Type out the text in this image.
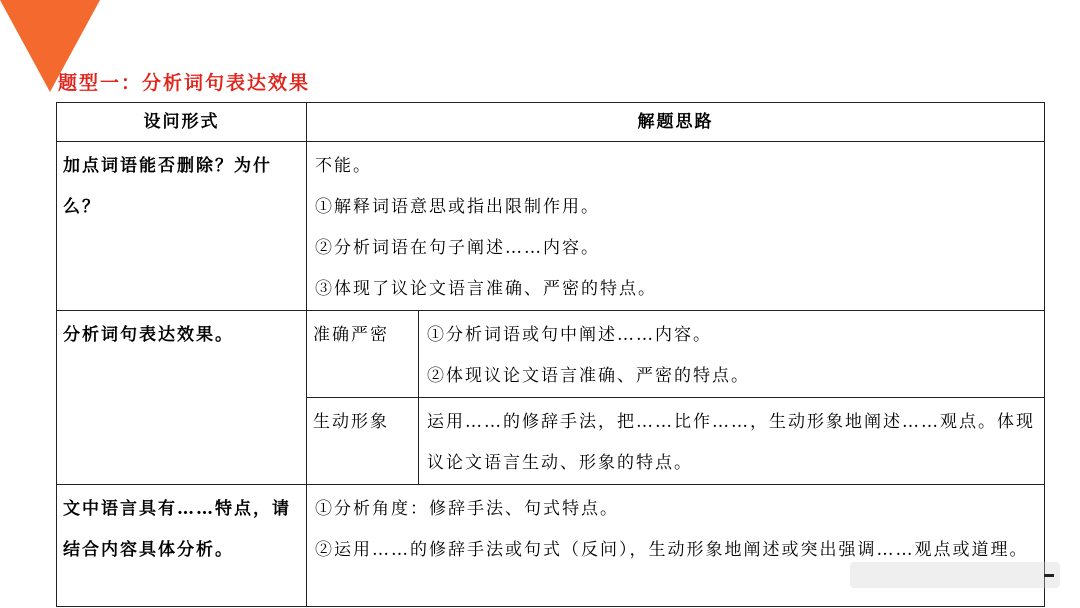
题型一：分析词句表达效果
设问形式	解题思路	
加点词语能否删除？为什么？	不能。
①解释词语意思或指出限制作用。
②分析词语在句子阐述……内容。
③体现了议论文语言准确、严密的特点。	

分析词句表达效果。	准确严密	①分析词语或句中阐述……内容。
②体现议论文语言准确、严密的特点。

	生动形象	运用……的修辞手法，把……比作……，生动形象地阐述……观点。体现议论文语言生动、形象的特点。
文中语言具有……特点，请结合内容具体分析。	①分析角度：修辞手法、句式特点。
②运用……的修辞手法或句式（反问），生动形象地阐述或突出强调……观点或道理。	
